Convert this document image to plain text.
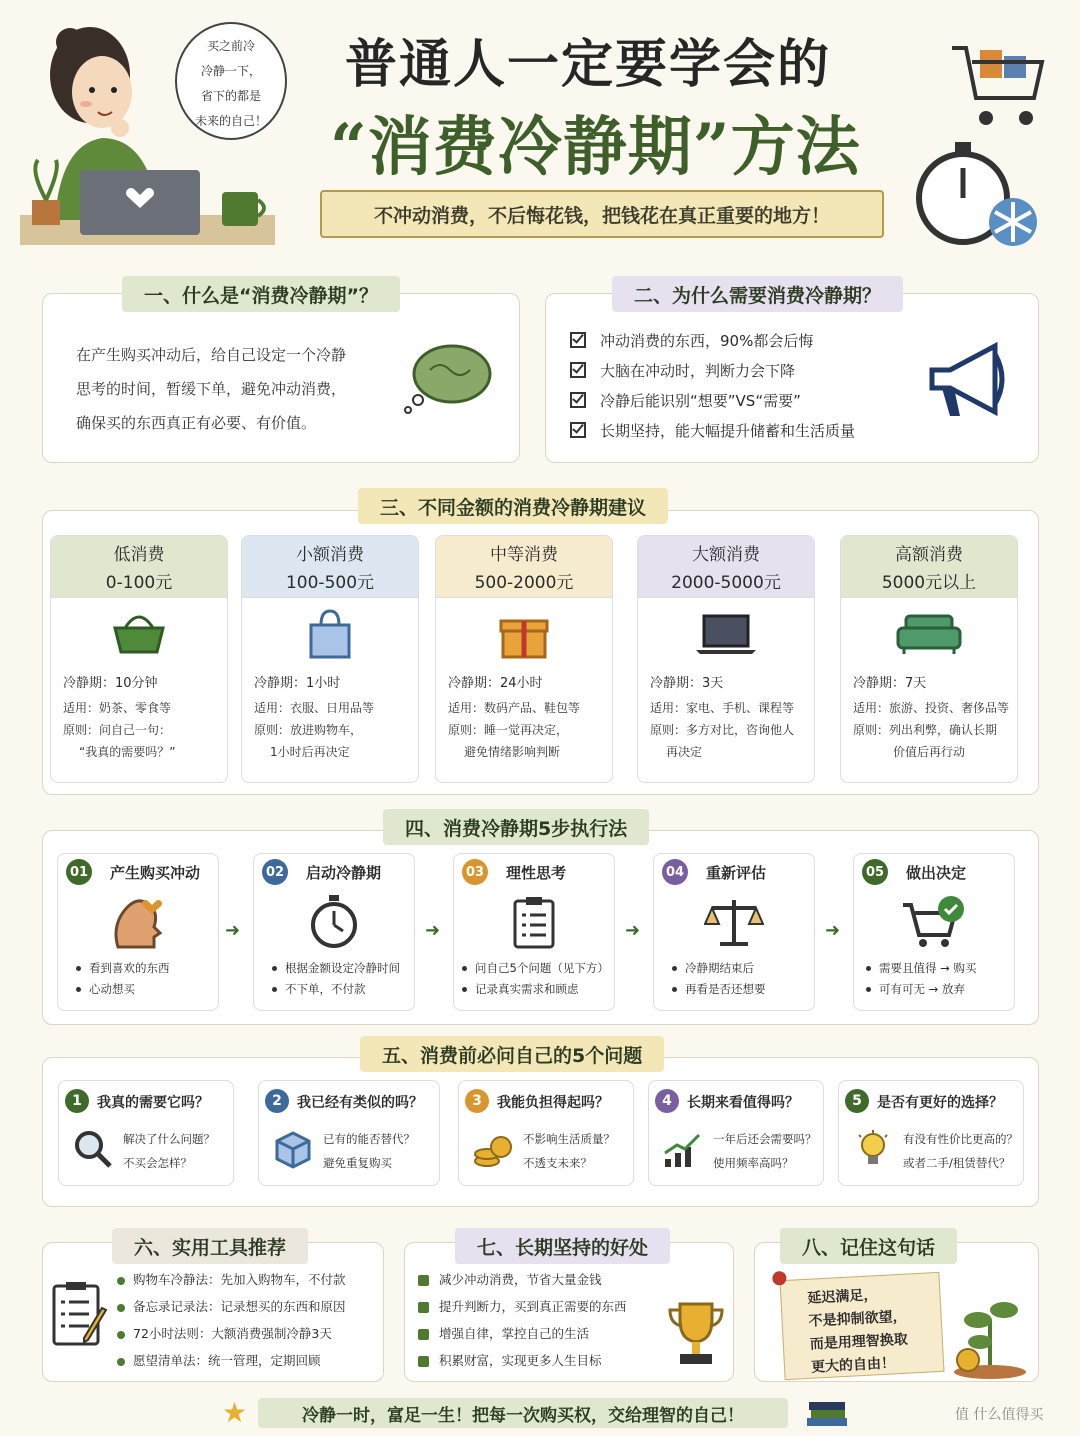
买之前冷
冷静一下，
省下的都是
未来的自己！
普通人一定要学会的
“消费冷静期”方法
不冲动消费，不后悔花钱，把钱花在真正重要的地方！
一、什么是“消费冷静期”？
在产生购买冲动后，给自己设定一个冷静
思考的时间，暂缓下单，避免冲动消费，
确保买的东西真正有必要、有价值。
二、为什么需要消费冷静期？
冲动消费的东西，90%都会后悔
大脑在冲动时，判断力会下降
冷静后能识别“想要”VS“需要”
长期坚持，能大幅提升储蓄和生活质量
三、不同金额的消费冷静期建议
低消费
0-100元
冷静期：10分钟
适用：奶茶、零食等
原则：问自己一句：
“我真的需要吗？”
小额消费
100-500元
冷静期：1小时
适用：衣服、日用品等
原则：放进购物车，
1小时后再决定
中等消费
500-2000元
冷静期：24小时
适用：数码产品、鞋包等
原则：睡一觉再决定，
避免情绪影响判断
大额消费
2000-5000元
冷静期：3天
适用：家电、手机、课程等
原则：多方对比，咨询他人
再决定
高额消费
5000元以上
冷静期：7天
适用：旅游、投资、奢侈品等
原则：列出利弊，确认长期
价值后再行动
四、消费冷静期5步执行法
01 产生购买冲动
看到喜欢的东西
心动想买
➜
02 启动冷静期
根据金额设定冷静时间
不下单，不付款
➜
03 理性思考
问自己5个问题（见下方）
记录真实需求和顾虑
➜
04 重新评估
冷静期结束后
再看是否还想要
➜
05 做出决定
需要且值得 → 购买
可有可无 → 放弃
五、消费前必问自己的5个问题
1	我真的需要它吗？
解决了什么问题？
不买会怎样？
2	我已经有类似的吗？
已有的能否替代？
避免重复购买
3	我能负担得起吗？
不影响生活质量？
不透支未来？
4	长期来看值得吗？
一年后还会需要吗？
使用频率高吗？
5	是否有更好的选择？
有没有性价比更高的？
或者二手/租赁替代？
六、实用工具推荐
购物车冷静法：先加入购物车，不付款
备忘录记录法：记录想买的东西和原因
72小时法则：大额消费强制冷静3天
愿望清单法：统一管理，定期回顾
七、长期坚持的好处
减少冲动消费，节省大量金钱
提升判断力，买到真正需要的东西
增强自律，掌控自己的生活
积累财富，实现更多人生目标
八、记住这句话
延迟满足，
不是抑制欲望，
而是用理智换取
更大的自由！
★	冷静一时，富足一生！把每一次购买权，交给理智的自己！	值 什么值得买
